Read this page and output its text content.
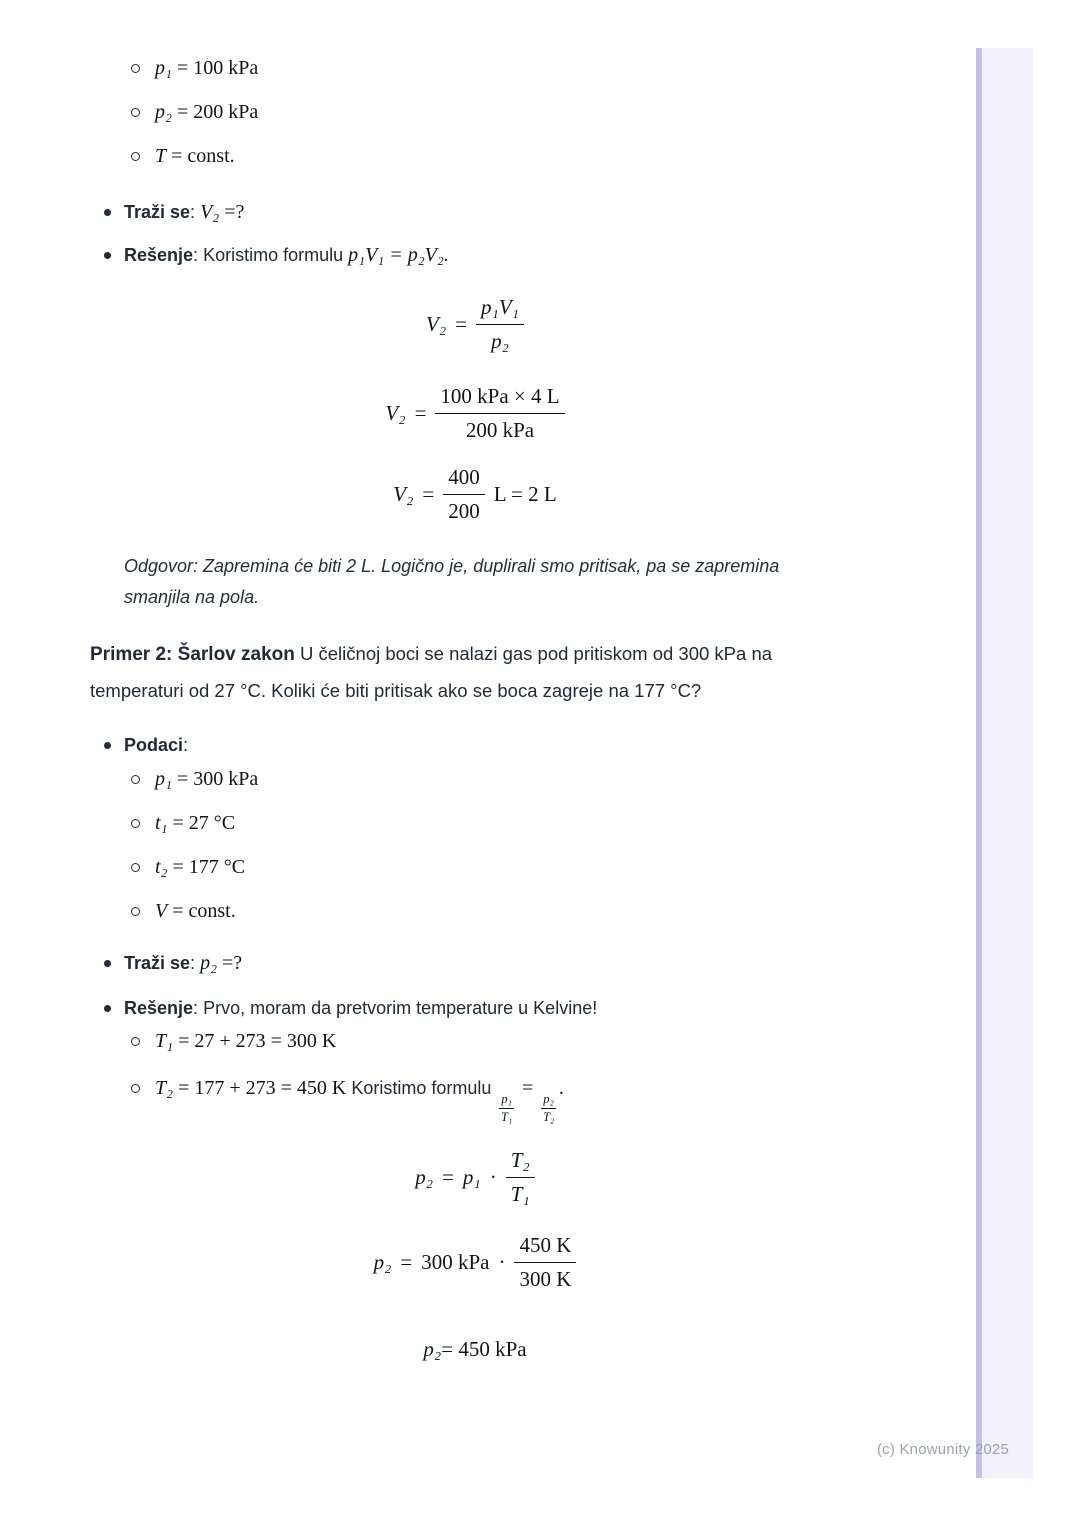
p₁ = 100 kPa
p₂ = 200 kPa
T = const.
Traži se: V₂ =?
Rešenje: Koristimo formulu p₁V₁ = p₂V₂.
$V_2 = \frac{\text{p₁V₁}}{\text{p₂}}$
$V_2 = \frac{\text{100 kPa × 4 L}}{\text{200 kPa}}$
$V_2 = \frac{400}{200}$ L = 2 L

Odgovor: Zapremina će biti 2 L. Logično je, duplirali smo pritisak, pa se zapremina smanjila na pola.

Primer 2: Šarlov zakon U čeličnoj boci se nalazi gas pod pritiskom od 300 kPa na temperaturi od 27 °C. Koliki će biti pritisak ako se boca zagreje na 177 °C?

Podaci:
p₁ = 300 kPa
t₁ = 27 °C
t₂ = 177 °C
V = const.
Traži se: p₂ =?
Rešenje: Prvo, moram da pretvorim temperature u Kelvine!
T₁ = 27 + 273 = 300 K
T₂ = 177 + 273 = 450 K Koristimo formulu
$\frac{\text{p₁}}{\text{T₁}}$
=
$\frac{\text{p₂}}{\text{T₂}}$
.
$p_2 = p_1 \cdot \frac{\text{T₂}}{\text{T₁}}$
p₂ = 300 kPa · $\frac{450 K}{300 K}$
p₂ = 450 kPa
(c) Knowunity 2025
